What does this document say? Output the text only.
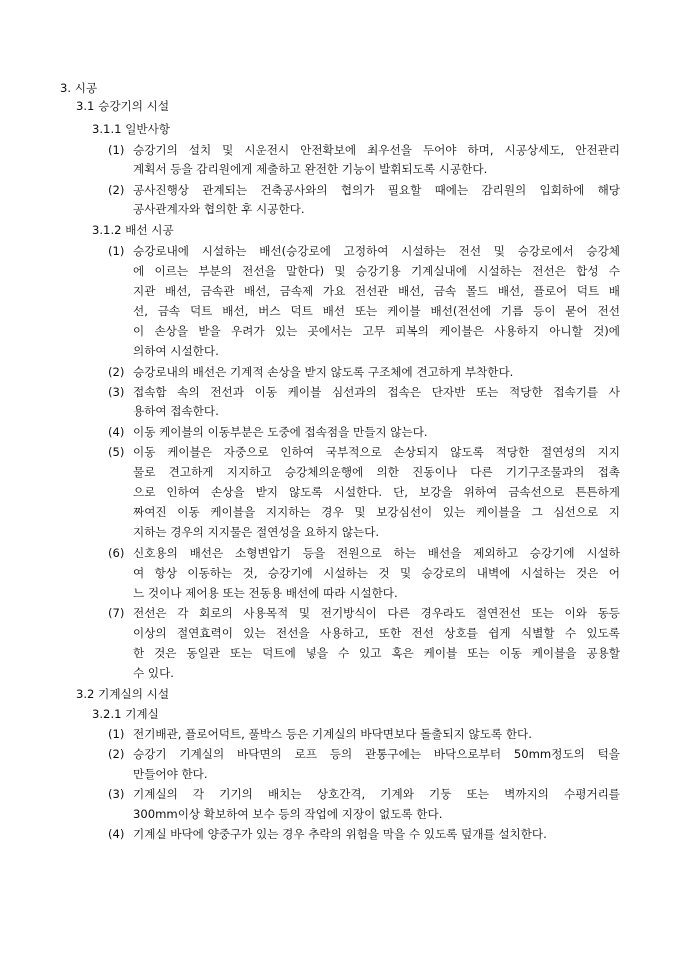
3. 시공
3.1 승강기의 시설
3.1.1 일반사항
(1) 승강기의 설치 및 시운전시 안전확보에 최우선을 두어야 하며, 시공상세도, 안전관리
계획서 등을 감리원에게 제출하고 완전한 기능이 발휘되도록 시공한다.
(2) 공사진행상 관계되는 건축공사와의 협의가 필요할 때에는 감리원의 입회하에 해당
공사관계자와 협의한 후 시공한다.
3.1.2 배선 시공
(1) 승강로내에 시설하는 배선(승강로에 고정하여 시설하는 전선 및 승강로에서 승강체
에 이르는 부분의 전선을 말한다) 및 승강기용 기계실내에 시설하는 전선은 합성 수
지관 배선, 금속관 배선, 금속제 가요 전선관 배선, 금속 몰드 배선, 플로어 덕트 배
선, 금속 덕트 배선, 버스 덕트 배선 또는 케이블 배선(전선에 기름 등이 묻어 전선
이 손상을 받을 우려가 있는 곳에서는 고무 피복의 케이블은 사용하지 아니할 것)에
의하여 시설한다.
(2) 승강로내의 배선은 기계적 손상을 받지 않도록 구조체에 견고하게 부착한다.
(3) 접속함 속의 전선과 이동 케이블 심선과의 접속은 단자반 또는 적당한 접속기를 사
용하여 접속한다.
(4) 이동 케이블의 이동부분은 도중에 접속점을 만들지 않는다.
(5) 이동 케이블은 자중으로 인하여 국부적으로 손상되지 않도록 적당한 절연성의 지지
물로 견고하게 지지하고 승강체의운행에 의한 진동이나 다른 기기구조물과의 접촉
으로 인하여 손상을 받지 않도록 시설한다. 단, 보강을 위하여 금속선으로 튼튼하게
짜여진 이동 케이블을 지지하는 경우 및 보강심선이 있는 케이블을 그 심선으로 지
지하는 경우의 지지물은 절연성을 요하지 않는다.
(6) 신호용의 배선은 소형변압기 등을 전원으로 하는 배선을 제외하고 승강기에 시설하
여 항상 이동하는 것, 승강기에 시설하는 것 및 승강로의 내벽에 시설하는 것은 어
느 것이나 제어용 또는 전동용 배선에 따라 시설한다.
(7) 전선은 각 회로의 사용목적 및 전기방식이 다른 경우라도 절연전선 또는 이와 동등
이상의 절연효력이 있는 전선을 사용하고, 또한 전선 상호를 쉽게 식별할 수 있도록
한 것은 동일관 또는 덕트에 넣을 수 있고 혹은 케이블 또는 이동 케이블을 공용할
수 있다.
3.2 기계실의 시설
3.2.1 기계실
(1) 전기배관, 플로어덕트, 풀박스 등은 기계실의 바닥면보다 돌출되지 않도록 한다.
(2) 승강기 기계실의 바닥면의 로프 등의 관통구에는 바닥으로부터 50mm정도의 턱을
만들어야 한다.
(3) 기계실의 각 기기의 배치는 상호간격, 기계와 기둥 또는 벽까지의 수평거리를
300mm이상 확보하여 보수 등의 작업에 지장이 없도록 한다.
(4) 기계실 바닥에 양중구가 있는 경우 추락의 위험을 막을 수 있도록 덮개를 설치한다.
